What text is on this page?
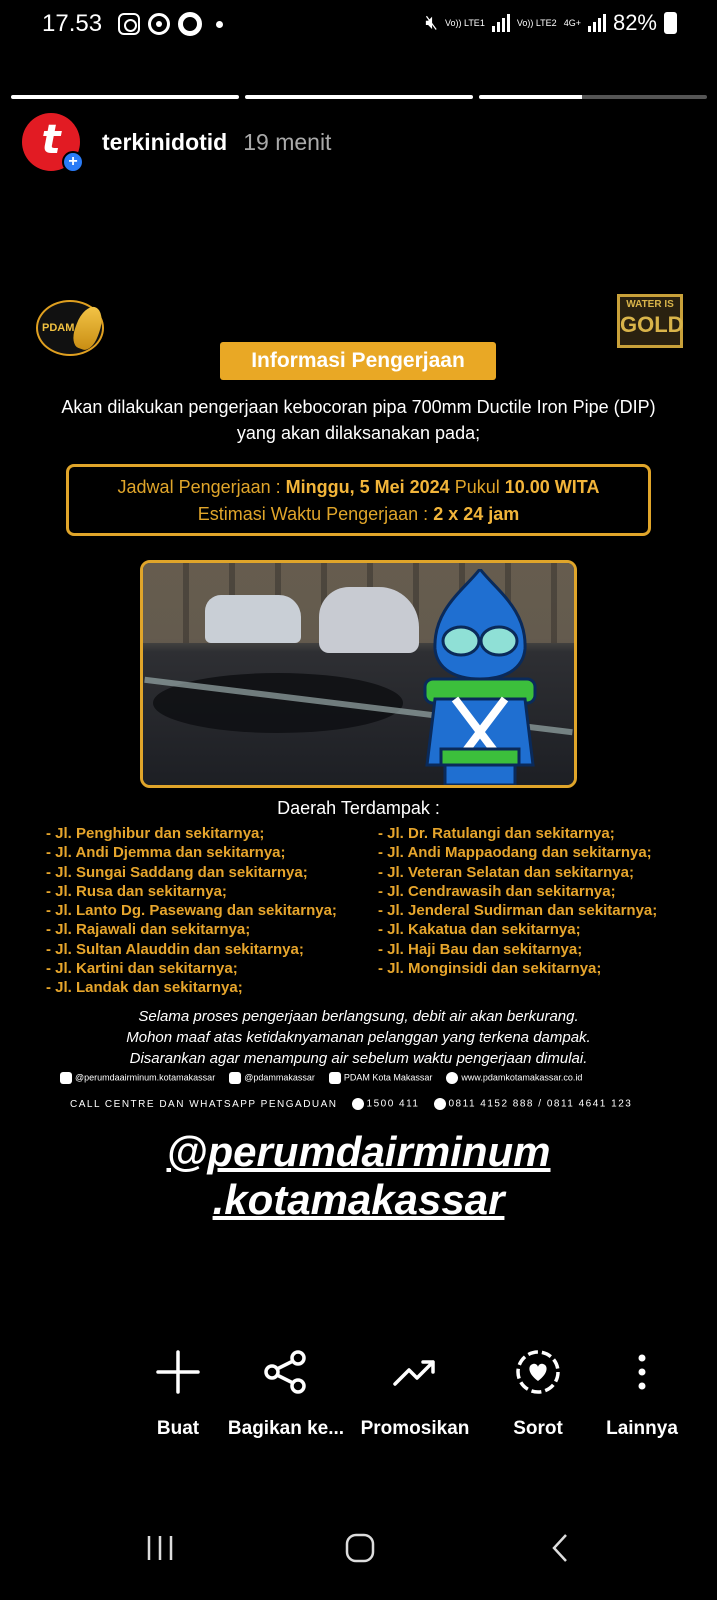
17.53	🔇︎ Vo)) LTE1	Vo)) LTE2 4G+ 82%
t +
terkinidotid 19 menit
PDAM
WATER IS
GOLD
Informasi Pengerjaan
Akan dilakukan pengerjaan kebocoran pipa 700mm Ductile Iron Pipe (DIP)
yang akan dilaksanakan pada;
Jadwal Pengerjaan : Minggu, 5 Mei 2024 Pukul 10.00 WITA
Estimasi Waktu Pengerjaan : 2 x 24 jam
Daerah Terdampak :
- Jl. Penghibur dan sekitarnya;
- Jl. Andi Djemma dan sekitarnya;
- Jl. Sungai Saddang dan sekitarnya;
- Jl. Rusa dan sekitarnya;
- Jl. Lanto Dg. Pasewang dan sekitarnya;
- Jl. Rajawali dan sekitarnya;
- Jl. Sultan Alauddin dan sekitarnya;
- Jl. Kartini dan sekitarnya;
- Jl. Landak dan sekitarnya;
- Jl. Dr. Ratulangi dan sekitarnya;
- Jl. Andi Mappaodang dan sekitarnya;
- Jl. Veteran Selatan dan sekitarnya;
- Jl. Cendrawasih dan sekitarnya;
- Jl. Jenderal Sudirman dan sekitarnya;
- Jl. Kakatua dan sekitarnya;
- Jl. Haji Bau dan sekitarnya;
- Jl. Monginsidi dan sekitarnya;
Selama proses pengerjaan berlangsung, debit air akan berkurang.
Mohon maaf atas ketidaknyamanan pelanggan yang terkena dampak.
Disarankan agar menampung air sebelum waktu pengerjaan dimulai.
@perumdaairminum.kotamakassar	@pdammakassar	PDAM Kota Makassar	www.pdamkotamakassar.co.id
CALL CENTRE DAN WHATSAPP PENGADUAN	1500 411	0811 4152 888 / 0811 4641 123
@perumdairminum
.kotamakassar
Buat	Bagikan ke... Promosikan	Sorot	Lainnya
